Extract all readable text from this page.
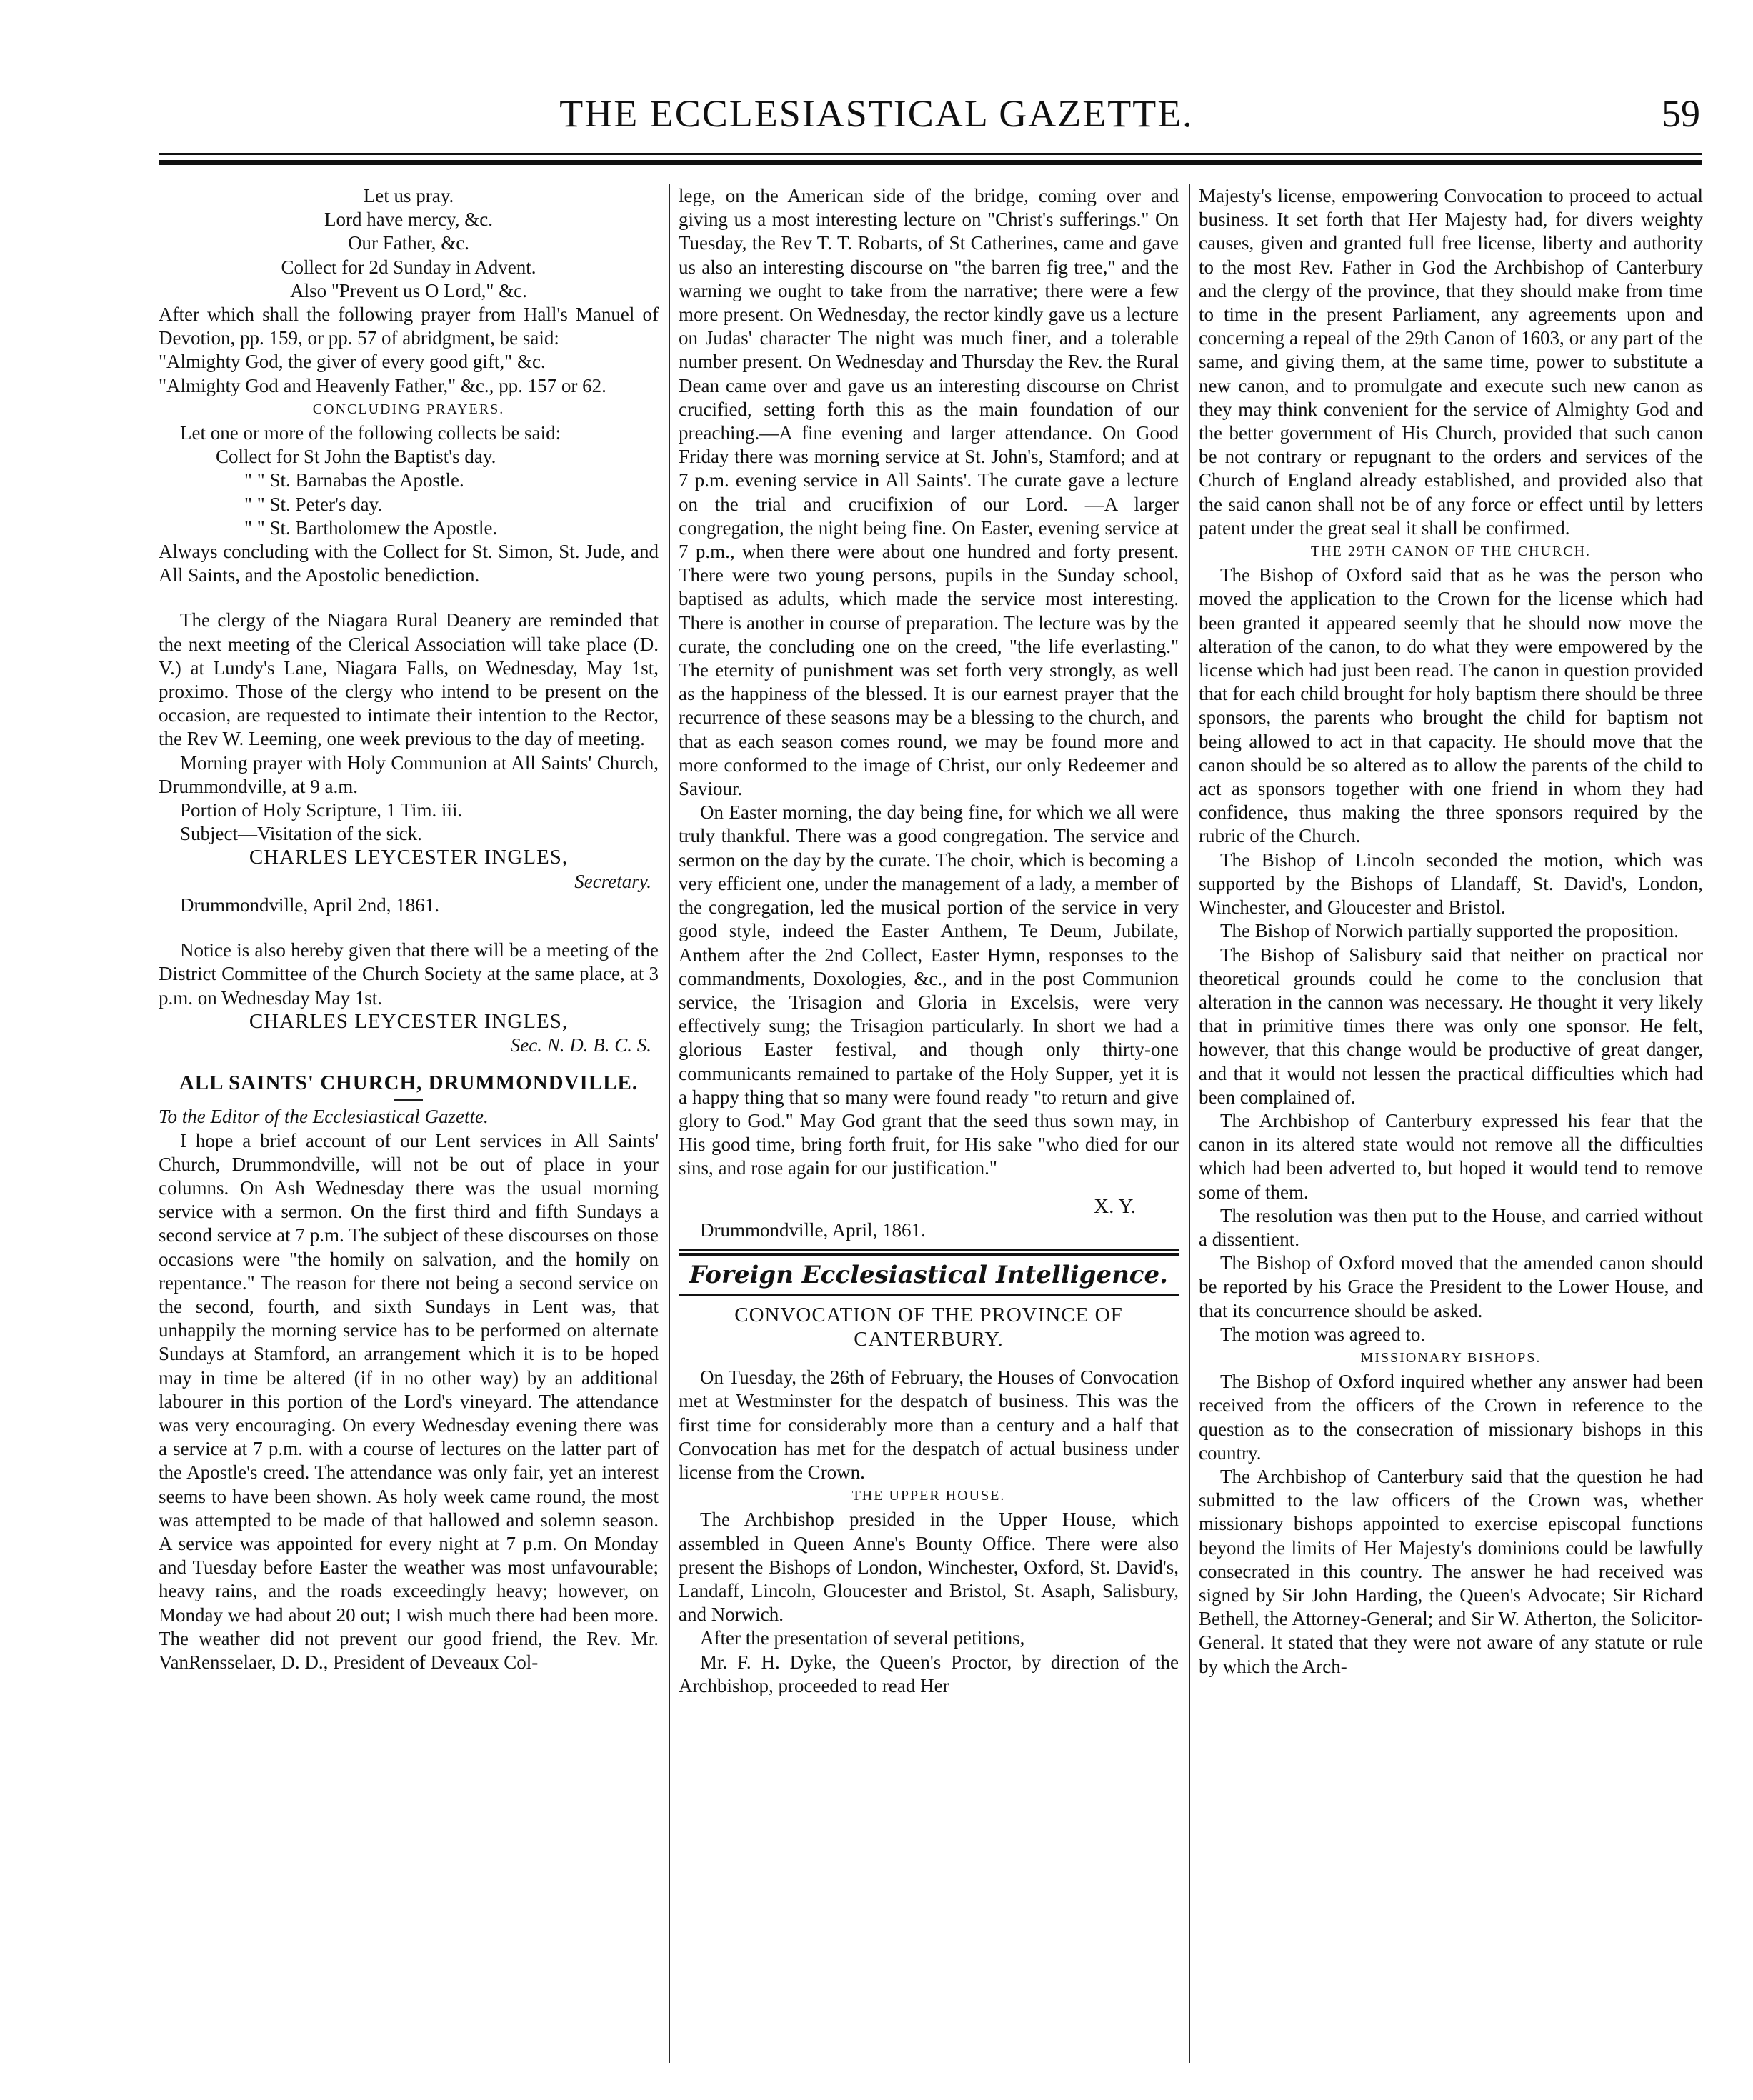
THE ECCLESIASTICAL GAZETTE.	59

Let us pray.

Lord have mercy, &c.

Our Father, &c.

Collect for 2d Sunday in Advent.

Also "Prevent us O Lord," &c.

After which shall the following prayer from Hall's Manuel of Devotion, pp. 159, or pp. 57 of abridgment, be said:

"Almighty God, the giver of every good gift," &c.

"Almighty God and Heavenly Father," &c., pp. 157 or 62.

CONCLUDING PRAYERS.

Let one or more of the following collects be said:

Collect for St John the Baptist's day.

" " St. Barnabas the Apostle.

" " St. Peter's day.

" " St. Bartholomew the Apostle.

Always concluding with the Collect for St. Simon, St. Jude, and All Saints, and the Apostolic benediction.

The clergy of the Niagara Rural Deanery are reminded that the next meeting of the Clerical Association will take place (D. V.) at Lundy's Lane, Niagara Falls, on Wednesday, May 1st, proximo. Those of the clergy who intend to be present on the occasion, are requested to intimate their intention to the Rector, the Rev W. Leeming, one week previous to the day of meeting.

Morning prayer with Holy Communion at All Saints' Church, Drummondville, at 9 a.m.

Portion of Holy Scripture, 1 Tim. iii.

Subject—Visitation of the sick.

CHARLES LEYCESTER INGLES,

Secretary.

Drummondville, April 2nd, 1861.

Notice is also hereby given that there will be a meeting of the District Committee of the Church Society at the same place, at 3 p.m. on Wednesday May 1st.

CHARLES LEYCESTER INGLES,

Sec. N. D. B. C. S.

ALL SAINTS' CHURCH, DRUMMONDVILLE.

To the Editor of the Ecclesiastical Gazette.

I hope a brief account of our Lent services in All Saints' Church, Drummondville, will not be out of place in your columns. On Ash Wednesday there was the usual morning service with a sermon. On the first third and fifth Sundays a second service at 7 p.m. The subject of these discourses on those occasions were "the homily on salvation, and the homily on repentance." The reason for there not being a second service on the second, fourth, and sixth Sundays in Lent was, that unhappily the morning service has to be performed on alternate Sundays at Stamford, an arrangement which it is to be hoped may in time be altered (if in no other way) by an additional labourer in this portion of the Lord's vineyard. The attendance was very encouraging. On every Wednesday evening there was a service at 7 p.m. with a course of lectures on the latter part of the Apostle's creed. The attendance was only fair, yet an interest seems to have been shown. As holy week came round, the most was attempted to be made of that hallowed and solemn season. A service was appointed for every night at 7 p.m. On Monday and Tuesday before Easter the weather was most unfavourable; heavy rains, and the roads exceedingly heavy; however, on Monday we had about 20 out; I wish much there had been more. The weather did not prevent our good friend, the Rev. Mr. VanRensselaer, D. D., President of Deveaux Col-

lege, on the American side of the bridge, coming over and giving us a most interesting lecture on "Christ's sufferings." On Tuesday, the Rev T. T. Robarts, of St Catherines, came and gave us also an interesting discourse on "the barren fig tree," and the warning we ought to take from the narrative; there were a few more present. On Wednesday, the rector kindly gave us a lecture on Judas' character The night was much finer, and a tolerable number present. On Wednesday and Thursday the Rev. the Rural Dean came over and gave us an interesting discourse on Christ crucified, setting forth this as the main foundation of our preaching.—A fine evening and larger attendance. On Good Friday there was morning service at St. John's, Stamford; and at 7 p.m. evening service in All Saints'. The curate gave a lecture on the trial and crucifixion of our Lord. —A larger congregation, the night being fine. On Easter, evening service at 7 p.m., when there were about one hundred and forty present. There were two young persons, pupils in the Sunday school, baptised as adults, which made the service most interesting. There is another in course of preparation. The lecture was by the curate, the concluding one on the creed, "the life everlasting." The eternity of punishment was set forth very strongly, as well as the happiness of the blessed. It is our earnest prayer that the recurrence of these seasons may be a blessing to the church, and that as each season comes round, we may be found more and more conformed to the image of Christ, our only Redeemer and Saviour.

On Easter morning, the day being fine, for which we all were truly thankful. There was a good congregation. The service and sermon on the day by the curate. The choir, which is becoming a very efficient one, under the management of a lady, a member of the congregation, led the musical portion of the service in very good style, indeed the Easter Anthem, Te Deum, Jubilate, Anthem after the 2nd Collect, Easter Hymn, responses to the commandments, Doxologies, &c., and in the post Communion service, the Trisagion and Gloria in Excelsis, were very effectively sung; the Trisagion particularly. In short we had a glorious Easter festival, and though only thirty-one communicants remained to partake of the Holy Supper, yet it is a happy thing that so many were found ready "to return and give glory to God." May God grant that the seed thus sown may, in His good time, bring forth fruit, for His sake "who died for our sins, and rose again for our justification."

X. Y.

Drummondville, April, 1861.

Foreign Ecclesiastical Intelligence.

CONVOCATION OF THE PROVINCE OF CANTERBURY.

On Tuesday, the 26th of February, the Houses of Convocation met at Westminster for the despatch of business. This was the first time for considerably more than a century and a half that Convocation has met for the despatch of actual business under license from the Crown.

THE UPPER HOUSE.

The Archbishop presided in the Upper House, which assembled in Queen Anne's Bounty Office. There were also present the Bishops of London, Winchester, Oxford, St. David's, Landaff, Lincoln, Gloucester and Bristol, St. Asaph, Salisbury, and Norwich.

After the presentation of several petitions,

Mr. F. H. Dyke, the Queen's Proctor, by direction of the Archbishop, proceeded to read Her

Majesty's license, empowering Convocation to proceed to actual business. It set forth that Her Majesty had, for divers weighty causes, given and granted full free license, liberty and authority to the most Rev. Father in God the Archbishop of Canterbury and the clergy of the province, that they should make from time to time in the present Parliament, any agreements upon and concerning a repeal of the 29th Canon of 1603, or any part of the same, and giving them, at the same time, power to substitute a new canon, and to promulgate and execute such new canon as they may think convenient for the service of Almighty God and the better government of His Church, provided that such canon be not contrary or repugnant to the orders and services of the Church of England already established, and provided also that the said canon shall not be of any force or effect until by letters patent under the great seal it shall be confirmed.

THE 29TH CANON OF THE CHURCH.

The Bishop of Oxford said that as he was the person who moved the application to the Crown for the license which had been granted it appeared seemly that he should now move the alteration of the canon, to do what they were empowered by the license which had just been read. The canon in question provided that for each child brought for holy baptism there should be three sponsors, the parents who brought the child for baptism not being allowed to act in that capacity. He should move that the canon should be so altered as to allow the parents of the child to act as sponsors together with one friend in whom they had confidence, thus making the three sponsors required by the rubric of the Church.

The Bishop of Lincoln seconded the motion, which was supported by the Bishops of Llandaff, St. David's, London, Winchester, and Gloucester and Bristol.

The Bishop of Norwich partially supported the proposition.

The Bishop of Salisbury said that neither on practical nor theoretical grounds could he come to the conclusion that alteration in the cannon was necessary. He thought it very likely that in primitive times there was only one sponsor. He felt, however, that this change would be productive of great danger, and that it would not lessen the practical difficulties which had been complained of.

The Archbishop of Canterbury expressed his fear that the canon in its altered state would not remove all the difficulties which had been adverted to, but hoped it would tend to remove some of them.

The resolution was then put to the House, and carried without a dissentient.

The Bishop of Oxford moved that the amended canon should be reported by his Grace the President to the Lower House, and that its concurrence should be asked.

The motion was agreed to.

MISSIONARY BISHOPS.

The Bishop of Oxford inquired whether any answer had been received from the officers of the Crown in reference to the question as to the consecration of missionary bishops in this country.

The Archbishop of Canterbury said that the question he had submitted to the law officers of the Crown was, whether missionary bishops appointed to exercise episcopal functions beyond the limits of Her Majesty's dominions could be lawfully consecrated in this country. The answer he had received was signed by Sir John Harding, the Queen's Advocate; Sir Richard Bethell, the Attorney-General; and Sir W. Atherton, the Solicitor-General. It stated that they were not aware of any statute or rule by which the Arch-
